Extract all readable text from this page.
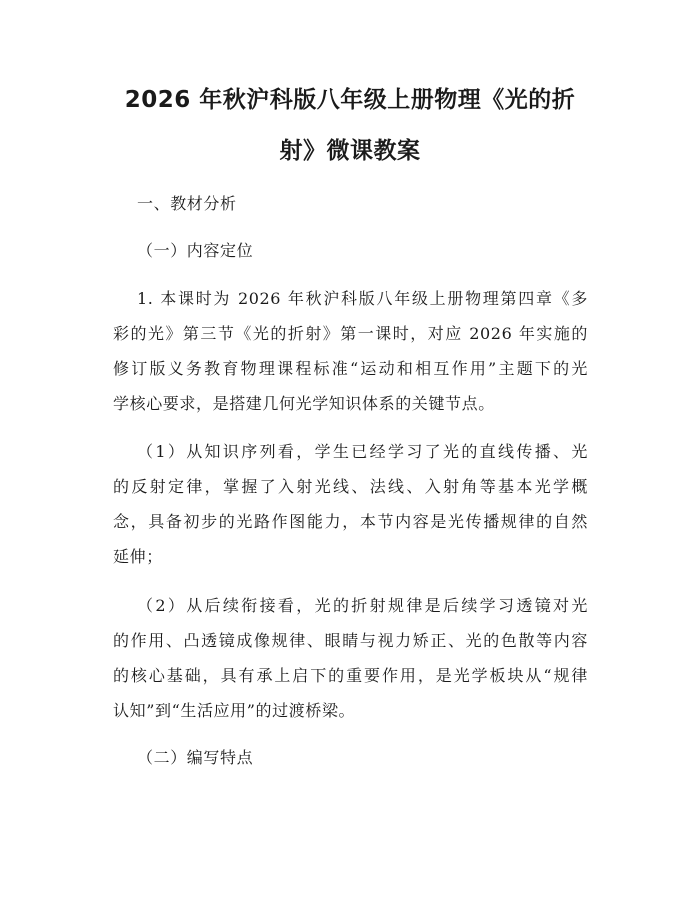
2026 年秋沪科版八年级上册物理《光的折
射》微课教案

一、教材分析

（一）内容定位

1. 本课时为 2026 年秋沪科版八年级上册物理第四章《多

彩的光》第三节《光的折射》第一课时，对应 2026 年实施的

修订版义务教育物理课程标准“运动和相互作用”主题下的光

学核心要求，是搭建几何光学知识体系的关键节点。

（1）从知识序列看，学生已经学习了光的直线传播、光

的反射定律，掌握了入射光线、法线、入射角等基本光学概

念，具备初步的光路作图能力，本节内容是光传播规律的自然

延伸；

（2）从后续衔接看，光的折射规律是后续学习透镜对光

的作用、凸透镜成像规律、眼睛与视力矫正、光的色散等内容

的核心基础，具有承上启下的重要作用，是光学板块从“规律

认知”到“生活应用”的过渡桥梁。

（二）编写特点
